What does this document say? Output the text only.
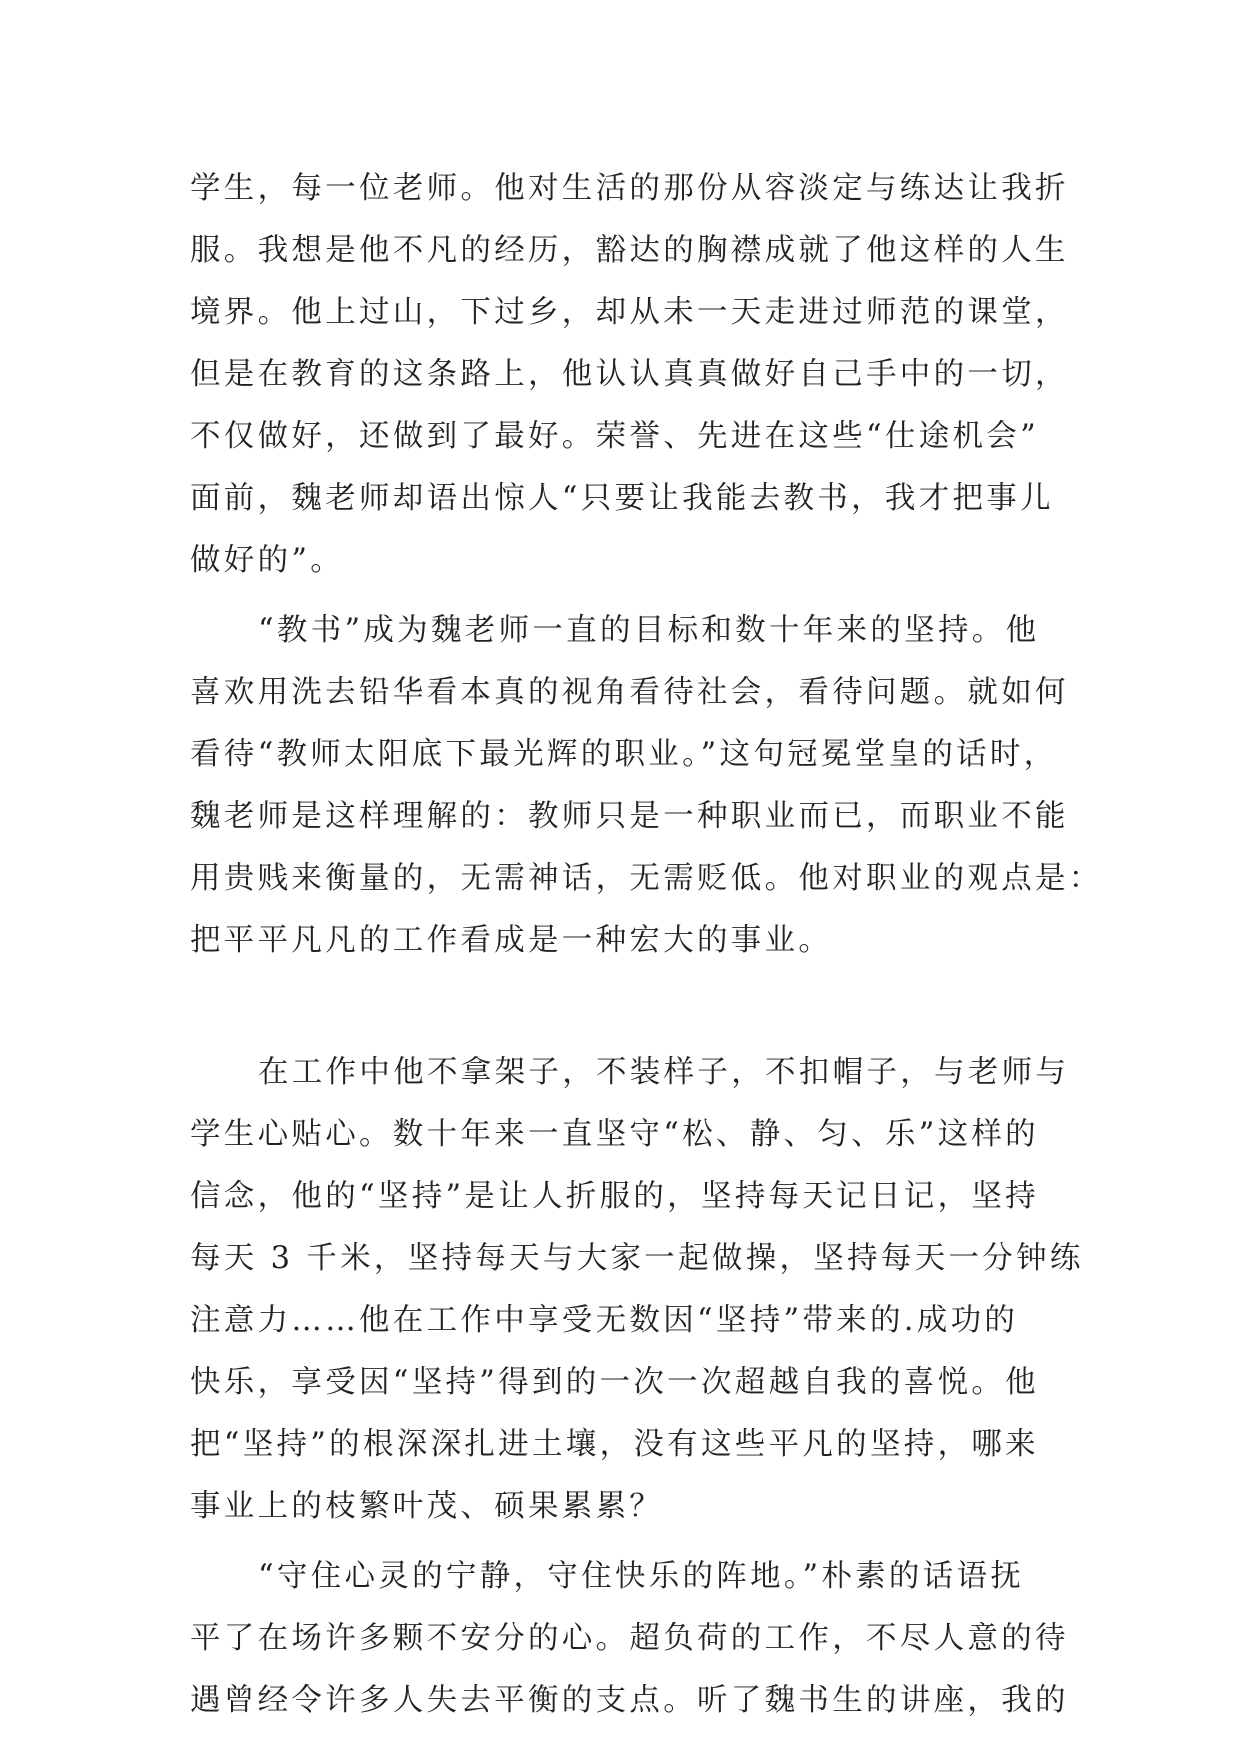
学生，每一位老师。他对生活的那份从容淡定与练达让我折
服。我想是他不凡的经历，豁达的胸襟成就了他这样的人生
境界。他上过山，下过乡，却从未一天走进过师范的课堂，
但是在教育的这条路上，他认认真真做好自己手中的一切，
不仅做好，还做到了最好。荣誉、先进在这些“仕途机会”
面前，魏老师却语出惊人“只要让我能去教书，我才把事儿
做好的”。
“教书”成为魏老师一直的目标和数十年来的坚持。他
喜欢用洗去铅华看本真的视角看待社会，看待问题。就如何
看待“教师太阳底下最光辉的职业。”这句冠冕堂皇的话时，
魏老师是这样理解的：教师只是一种职业而已，而职业不能
用贵贱来衡量的，无需神话，无需贬低。他对职业的观点是：
把平平凡凡的工作看成是一种宏大的事业。
在工作中他不拿架子，不装样子，不扣帽子，与老师与
学生心贴心。数十年来一直坚守“松、静、匀、乐”这样的
信念，他的“坚持”是让人折服的，坚持每天记日记，坚持
每天 3 千米，坚持每天与大家一起做操，坚持每天一分钟练
注意力……他在工作中享受无数因“坚持”带来的.成功的
快乐，享受因“坚持”得到的一次一次超越自我的喜悦。他
把“坚持”的根深深扎进土壤，没有这些平凡的坚持，哪来
事业上的枝繁叶茂、硕果累累？
“守住心灵的宁静，守住快乐的阵地。”朴素的话语抚
平了在场许多颗不安分的心。超负荷的工作，不尽人意的待
遇曾经令许多人失去平衡的支点。听了魏书生的讲座，我的
